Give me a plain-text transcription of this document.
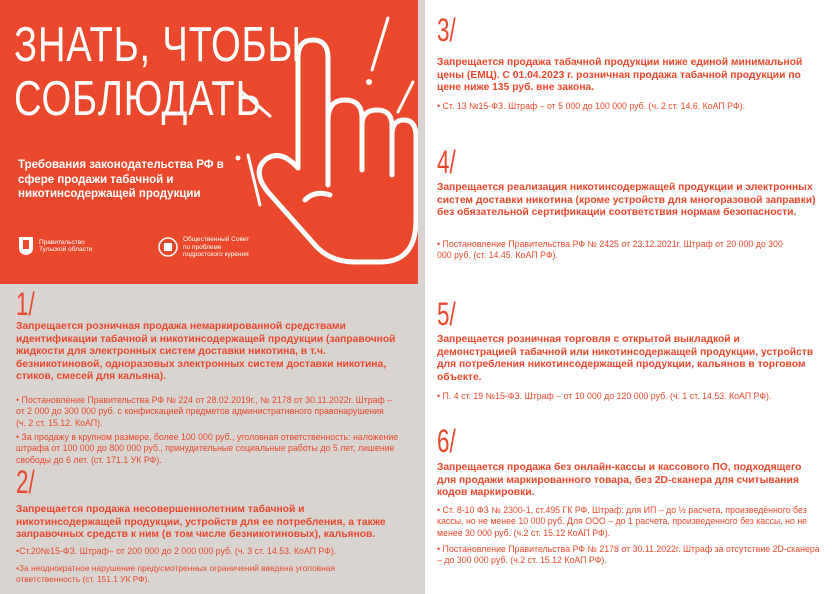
ЗНАТЬ, ЧТОБЫ
СОБЛЮДАТЬ
Требования законодательства РФ в сфере продажи табачной и никотинсодержащей продукции
Правительство Тульской области
Общественный Совет по проблеме подростского курения
3/
Запрещается продажа табачной продукции ниже единой минимальной цены (ЕМЦ). С 01.04.2023 г. розничная продажа табачной продукции по цене ниже 135 руб. вне закона.
• Ст. 13 №15-ФЗ. Штраф – от 5 000 до 100 000 руб. (ч. 2 ст. 14.6. КоАП РФ).
4/
Запрещается реализация никотинсодержащей продукции и электронных систем доставки никотина (кроме устройств для многоразовой заправки) без обязательной сертификации соответствия нормам безопасности.
• Постановление Правительства РФ № 2425 от 23.12.2021г. Штраф от 20 000 до 300 000 руб. (ст. 14.45. КоАП РФ).
1/
Запрещается розничная продажа немаркированной средствами идентификации табачной и никотинсодержащей продукции (заправочной жидкости для электронных систем доставки никотина, в т.ч. безникотиновой, одноразовых электронных систем доставки никотина, стиков, смесей для кальяна).
• Постановление Правительства РФ № 224 от 28.02.2019г., № 2178 от 30.11.2022г. Штраф – от 2 000 до 300 000 руб. с конфискацией предметов административного правонарушения (ч. 2 ст. 15.12. КоАП).
• За продажу в крупном размере, более 100 000 руб., уголовная ответственность: наложение штрафа от 100 000 до 800 000 руб., принудительные социальные работы до 5 лет, лишение свободы до 6 лет. (ст. 171.1 УК РФ).
2/
Запрещается продажа несовершеннолетним табачной и никотинсодержащей продукции, устройств для ее потребления, а также заправочных средств к ним (в том числе безникотиновых), кальянов.
•Ст.20№15-ФЗ. Штраф– от 200 000 до 2 000 000 руб. (ч. 3 ст. 14.53. КоАП РФ).
•За неоднократное нарушение предусмотренных ограничений введена уголовная ответственность (ст. 151.1 УК РФ).
5/
Запрещается розничная торговля с открытой выкладкой и демонстрацией табачной или никотинсодержащей продукции, устройств для потребления никотинсодержащей продукции, кальянов в торговом объекте.
• П. 4 ст. 19 №15-ФЗ. Штраф – от 10 000 до 120 000 руб. (ч. 1 ст. 14.53. КоАП РФ).
6/
Запрещается продажа без онлайн-кассы и кассового ПО, подходящего для продажи маркированного товара, без 2D-сканера для считывания кодов маркировки.
• Ст. 8-10 ФЗ № 2300-1, ст.495 ГК РФ. Штраф: для ИП – до ½ расчета, произведённого без кассы, но не менее 10 000 руб. Для ООО – до 1 расчета, произведенного без кассы, но не менее 30 000 руб. (ч.2 ст. 15.12 КоАП РФ).
• Постановление Правительства РФ № 2178 от 30.11.2022г. Штраф за отсутствие 2D-сканера – до 300 000 руб. (ч.2 ст. 15.12 КоАП РФ).
